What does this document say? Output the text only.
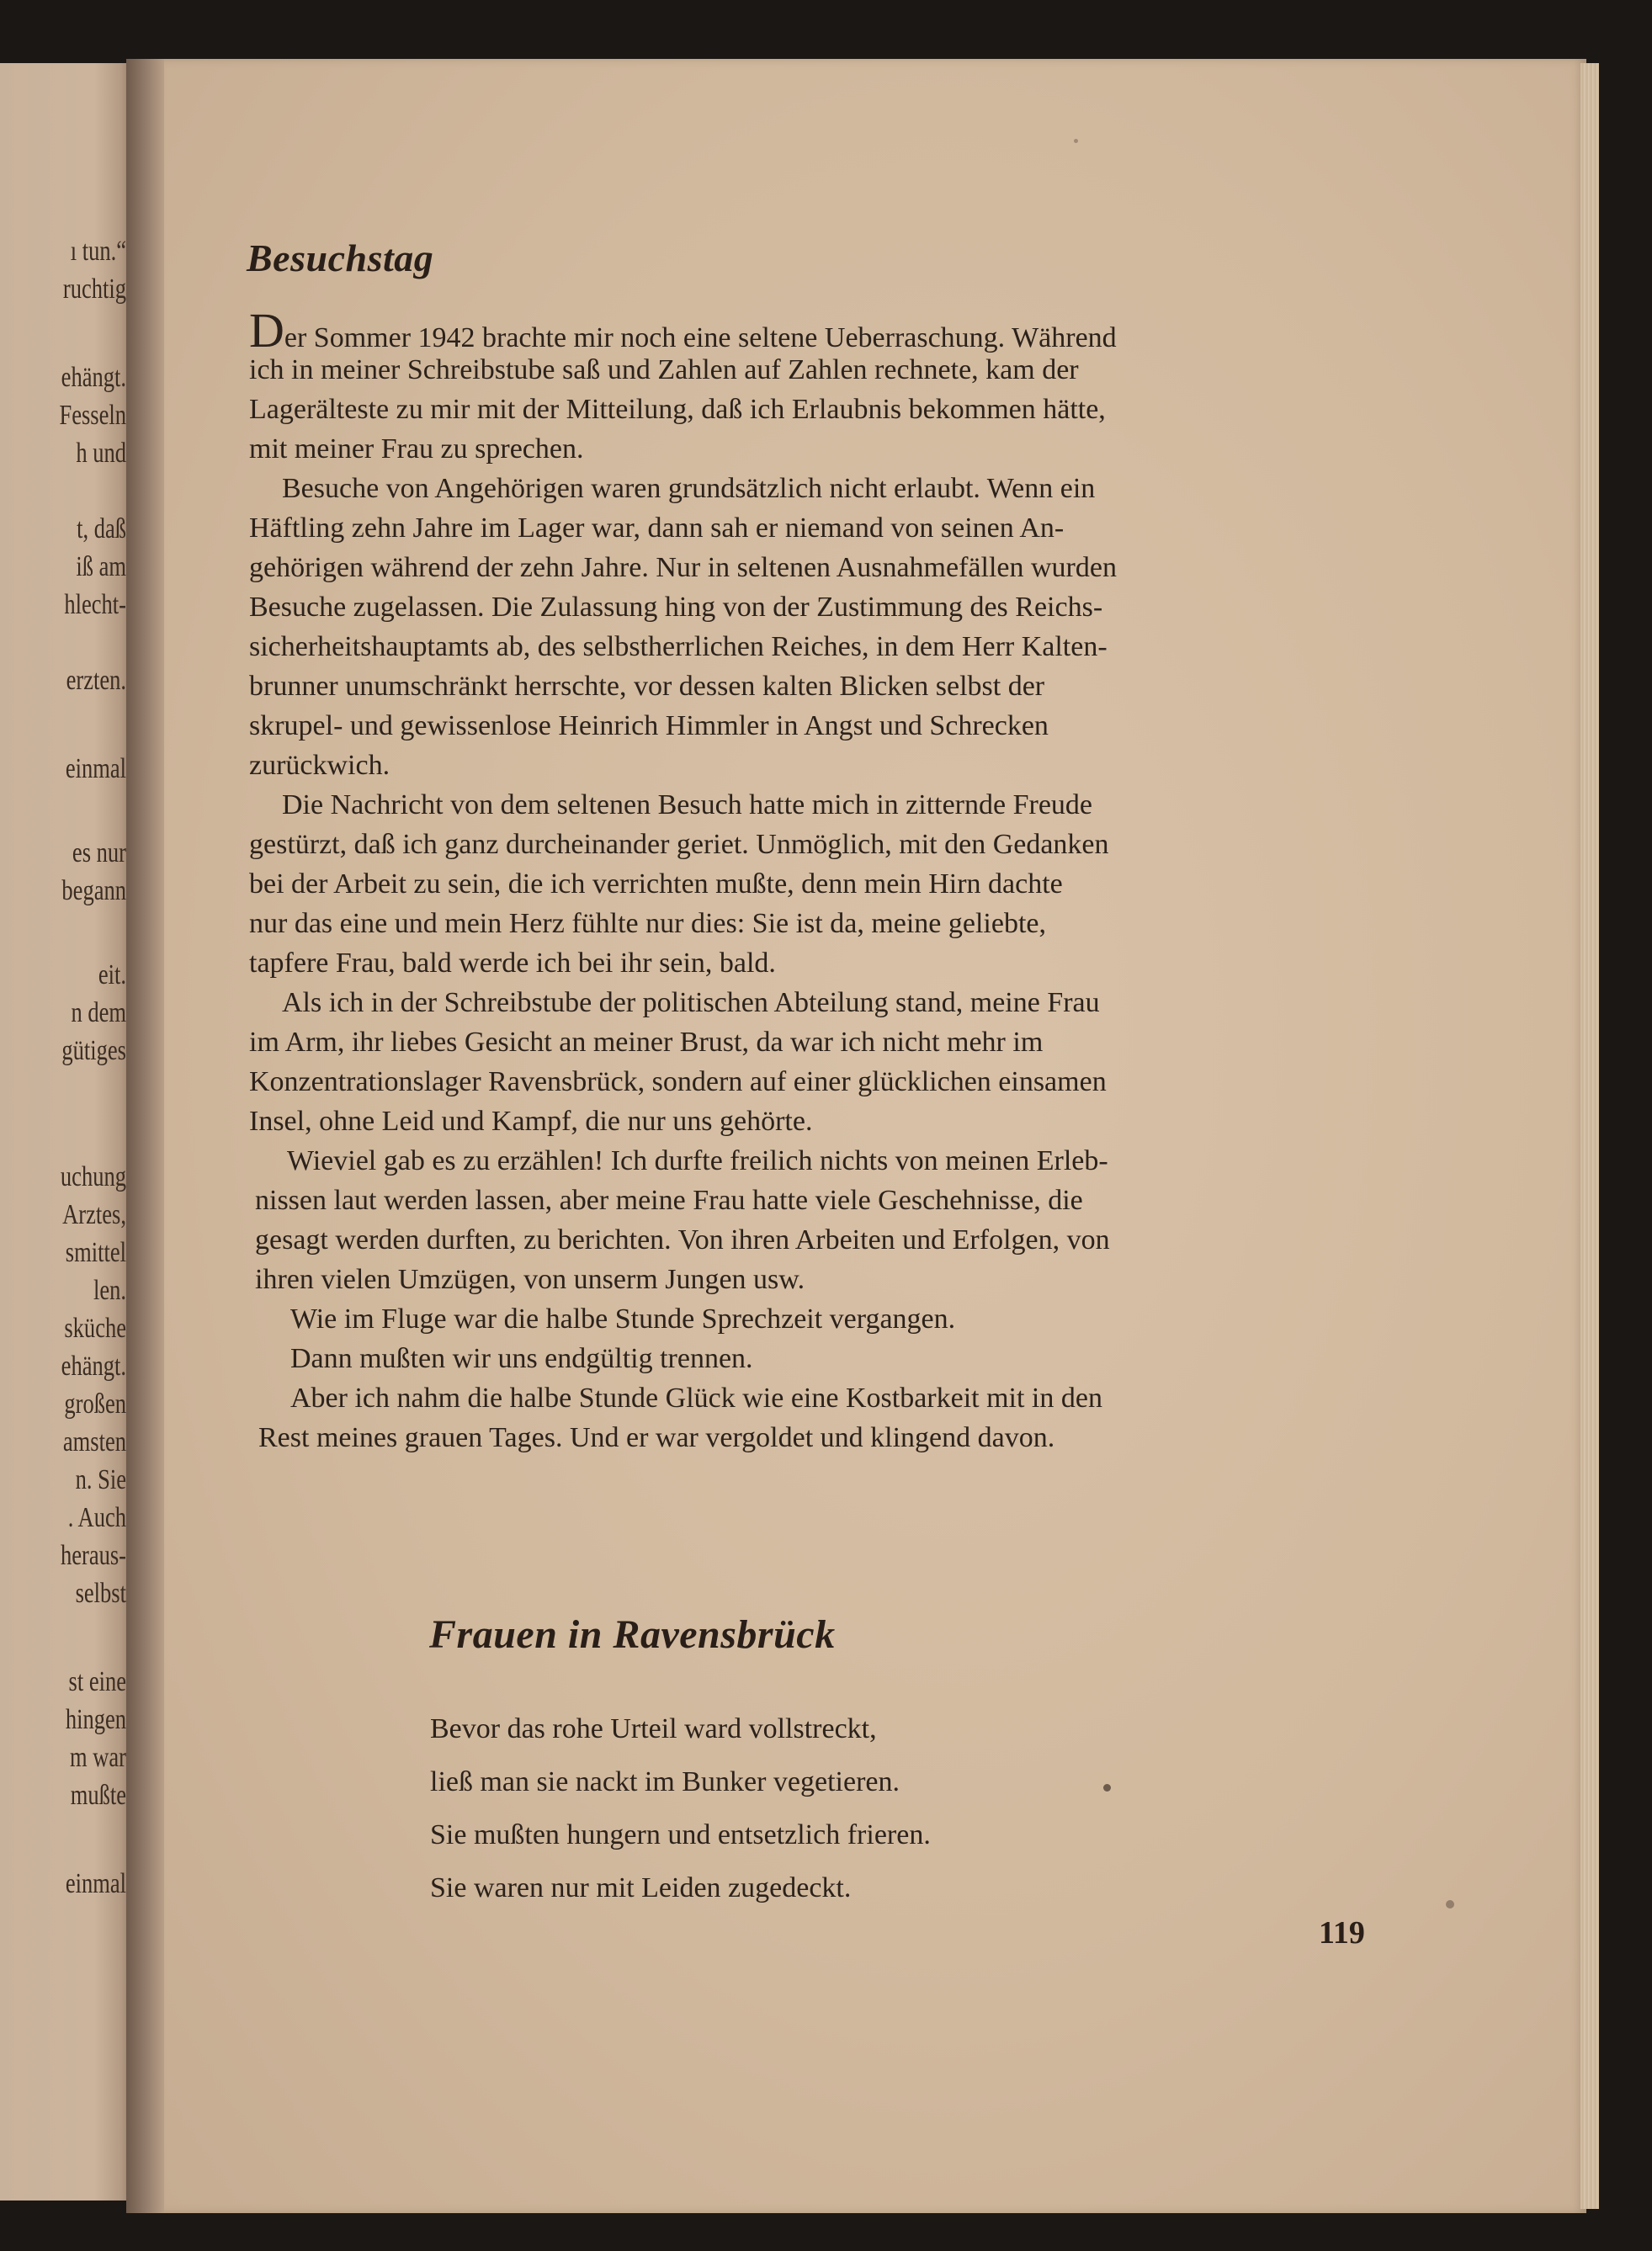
ı tun.“
ruchtig
ehängt.
Fesseln
h und
t, daß
iß am
hlecht-
erzten.
einmal
es nur
begann
eit.
n dem
gütiges
uchung
Arztes,
smittel
len.
sküche
ehängt.
großen
amsten
n. Sie
. Auch
heraus-
selbst
st eine
hingen
m war
mußte
einmal
Besuchstag
Der Sommer 1942 brachte mir noch eine seltene Ueberraschung. Während
ich in meiner Schreibstube saß und Zahlen auf Zahlen rechnete, kam der
Lagerälteste zu mir mit der Mitteilung, daß ich Erlaubnis bekommen hätte,
mit meiner Frau zu sprechen.
Besuche von Angehörigen waren grundsätzlich nicht erlaubt. Wenn ein
Häftling zehn Jahre im Lager war, dann sah er niemand von seinen An-
gehörigen während der zehn Jahre. Nur in seltenen Ausnahmefällen wurden
Besuche zugelassen. Die Zulassung hing von der Zustimmung des Reichs-
sicherheitshauptamts ab, des selbstherrlichen Reiches, in dem Herr Kalten-
brunner unumschränkt herrschte, vor dessen kalten Blicken selbst der
skrupel- und gewissenlose Heinrich Himmler in Angst und Schrecken
zurückwich.
Die Nachricht von dem seltenen Besuch hatte mich in zitternde Freude
gestürzt, daß ich ganz durcheinander geriet. Unmöglich, mit den Gedanken
bei der Arbeit zu sein, die ich verrichten mußte, denn mein Hirn dachte
nur das eine und mein Herz fühlte nur dies: Sie ist da, meine geliebte,
tapfere Frau, bald werde ich bei ihr sein, bald.
Als ich in der Schreibstube der politischen Abteilung stand, meine Frau
im Arm, ihr liebes Gesicht an meiner Brust, da war ich nicht mehr im
Konzentrationslager Ravensbrück, sondern auf einer glücklichen einsamen
Insel, ohne Leid und Kampf, die nur uns gehörte.
Wieviel gab es zu erzählen! Ich durfte freilich nichts von meinen Erleb-
nissen laut werden lassen, aber meine Frau hatte viele Geschehnisse, die
gesagt werden durften, zu berichten. Von ihren Arbeiten und Erfolgen, von
ihren vielen Umzügen, von unserm Jungen usw.
Wie im Fluge war die halbe Stunde Sprechzeit vergangen.
Dann mußten wir uns endgültig trennen.
Aber ich nahm die halbe Stunde Glück wie eine Kostbarkeit mit in den
Rest meines grauen Tages. Und er war vergoldet und klingend davon.
Frauen in Ravensbrück
Bevor das rohe Urteil ward vollstreckt,
ließ man sie nackt im Bunker vegetieren.
Sie mußten hungern und entsetzlich frieren.
Sie waren nur mit Leiden zugedeckt.
119
